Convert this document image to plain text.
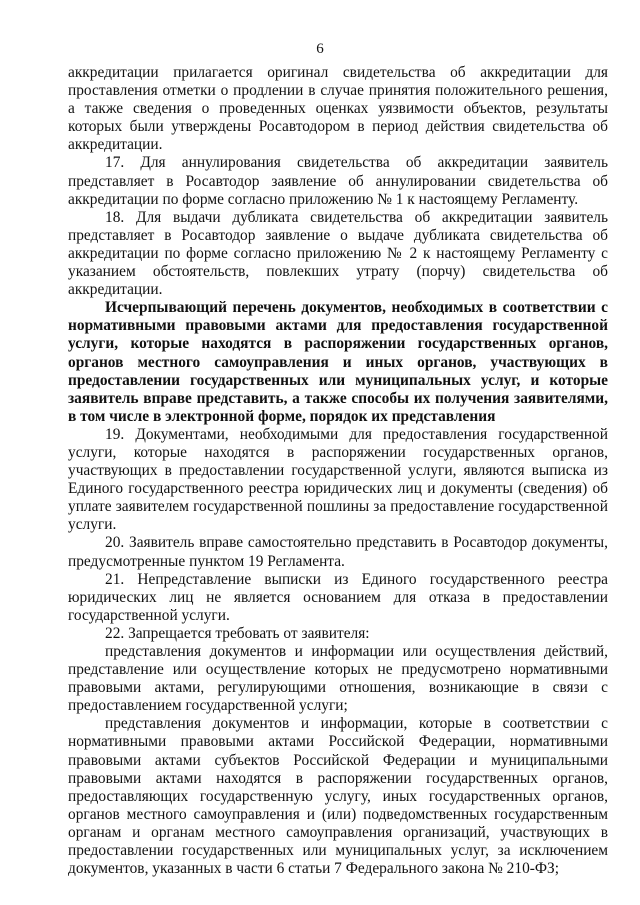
6

аккредитации прилагается оригинал свидетельства об аккредитации для проставления отметки о продлении в случае принятия положительного решения, а также сведения о проведенных оценках уязвимости объектов, результаты которых были утверждены Росавтодором в период действия свидетельства об аккредитации.

17. Для аннулирования свидетельства об аккредитации заявитель представляет в Росавтодор заявление об аннулировании свидетельства об аккредитации по форме согласно приложению № 1 к настоящему Регламенту.

18. Для выдачи дубликата свидетельства об аккредитации заявитель представляет в Росавтодор заявление о выдаче дубликата свидетельства об аккредитации по форме согласно приложению № 2 к настоящему Регламенту с указанием обстоятельств, повлекших утрату (порчу) свидетельства об аккредитации.

Исчерпывающий перечень документов, необходимых в соответствии с нормативными правовыми актами для предоставления государственной услуги, которые находятся в распоряжении государственных органов, органов местного самоуправления и иных органов, участвующих в предоставлении государственных или муниципальных услуг, и которые заявитель вправе представить, а также способы их получения заявителями, в том числе в электронной форме, порядок их представления

19. Документами, необходимыми для предоставления государственной услуги, которые находятся в распоряжении государственных органов, участвующих в предоставлении государственной услуги, являются выписка из Единого государственного реестра юридических лиц и документы (сведения) об уплате заявителем государственной пошлины за предоставление государственной услуги.

20. Заявитель вправе самостоятельно представить в Росавтодор документы, предусмотренные пунктом 19 Регламента.

21. Непредставление выписки из Единого государственного реестра юридических лиц не является основанием для отказа в предоставлении государственной услуги.

22. Запрещается требовать от заявителя:

представления документов и информации или осуществления действий, представление или осуществление которых не предусмотрено нормативными правовыми актами, регулирующими отношения, возникающие в связи с предоставлением государственной услуги;

представления документов и информации, которые в соответствии с нормативными правовыми актами Российской Федерации, нормативными правовыми актами субъектов Российской Федерации и муниципальными правовыми актами находятся в распоряжении государственных органов, предоставляющих государственную услугу, иных государственных органов, органов местного самоуправления и (или) подведомственных государственным органам и органам местного самоуправления организаций, участвующих в предоставлении государственных или муниципальных услуг, за исключением документов, указанных в части 6 статьи 7 Федерального закона № 210-ФЗ;
